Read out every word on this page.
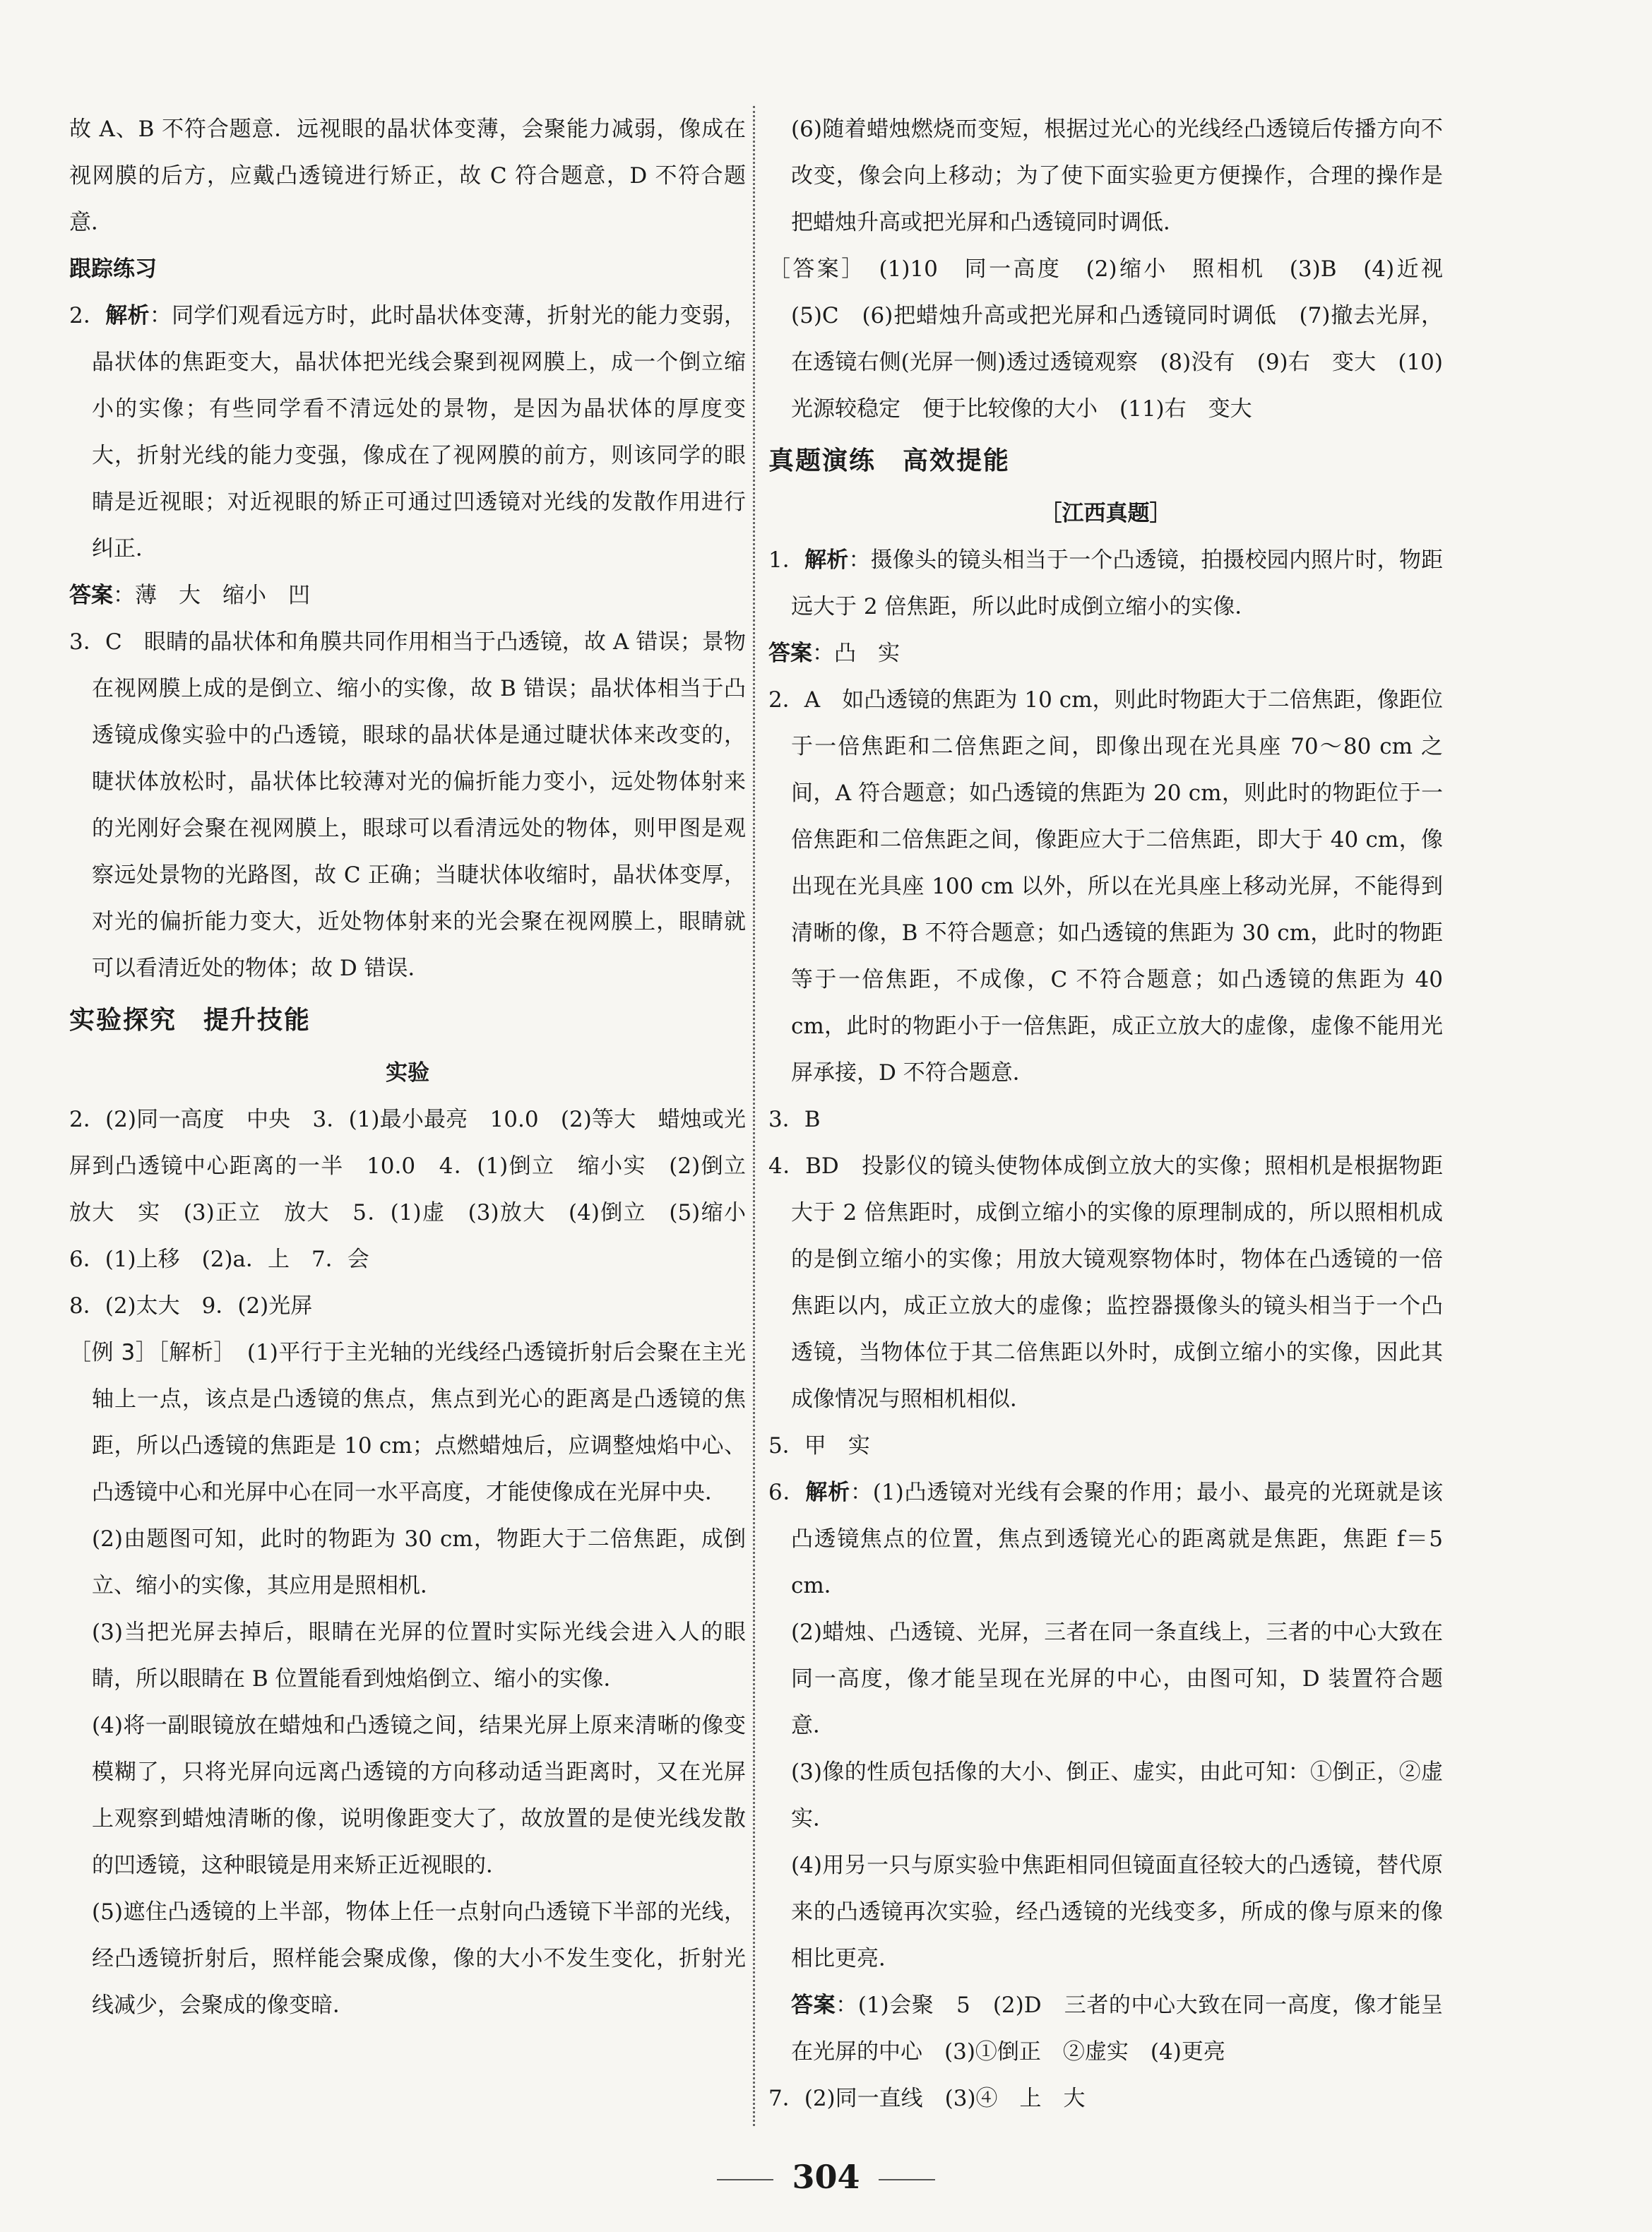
故 A、B 不符合题意．远视眼的晶状体变薄，会聚能力减弱，像成在视网膜的后方，应戴凸透镜进行矫正，故 C 符合题意，D 不符合题意．

跟踪练习

2．解析：同学们观看远方时，此时晶状体变薄，折射光的能力变弱，晶状体的焦距变大，晶状体把光线会聚到视网膜上，成一个倒立缩小的实像；有些同学看不清远处的景物，是因为晶状体的厚度变大，折射光线的能力变强，像成在了视网膜的前方，则该同学的眼睛是近视眼；对近视眼的矫正可通过凹透镜对光线的发散作用进行纠正．

答案：薄　大　缩小　凹

3．C　眼睛的晶状体和角膜共同作用相当于凸透镜，故 A 错误；景物在视网膜上成的是倒立、缩小的实像，故 B 错误；晶状体相当于凸透镜成像实验中的凸透镜，眼球的晶状体是通过睫状体来改变的，睫状体放松时，晶状体比较薄对光的偏折能力变小，远处物体射来的光刚好会聚在视网膜上，眼球可以看清远处的物体，则甲图是观察远处景物的光路图，故 C 正确；当睫状体收缩时，晶状体变厚，对光的偏折能力变大，近处物体射来的光会聚在视网膜上，眼睛就可以看清近处的物体；故 D 错误．

实验探究　提升技能

实验

2．(2)同一高度　中央　3．(1)最小最亮　10.0　(2)等大　蜡烛或光屏到凸透镜中心距离的一半　10.0　4．(1)倒立　缩小实　(2)倒立　放大　实　(3)正立　放大　5．(1)虚　(3)放大　(4)倒立　(5)缩小　6．(1)上移　(2)a．上　7．会

8．(2)太大　9．(2)光屏

［例 3］［解析］　(1)平行于主光轴的光线经凸透镜折射后会聚在主光轴上一点，该点是凸透镜的焦点，焦点到光心的距离是凸透镜的焦距，所以凸透镜的焦距是 10 cm；点燃蜡烛后，应调整烛焰中心、凸透镜中心和光屏中心在同一水平高度，才能使像成在光屏中央．

(2)由题图可知，此时的物距为 30 cm，物距大于二倍焦距，成倒立、缩小的实像，其应用是照相机．

(3)当把光屏去掉后，眼睛在光屏的位置时实际光线会进入人的眼睛，所以眼睛在 B 位置能看到烛焰倒立、缩小的实像．

(4)将一副眼镜放在蜡烛和凸透镜之间，结果光屏上原来清晰的像变模糊了，只将光屏向远离凸透镜的方向移动适当距离时，又在光屏上观察到蜡烛清晰的像，说明像距变大了，故放置的是使光线发散的凹透镜，这种眼镜是用来矫正近视眼的．

(5)遮住凸透镜的上半部，物体上任一点射向凸透镜下半部的光线，经凸透镜折射后，照样能会聚成像，像的大小不发生变化，折射光线减少，会聚成的像变暗．

(6)随着蜡烛燃烧而变短，根据过光心的光线经凸透镜后传播方向不改变，像会向上移动；为了使下面实验更方便操作，合理的操作是把蜡烛升高或把光屏和凸透镜同时调低．

［答案］　(1)10　同一高度　(2)缩小　照相机　(3)B　(4)近视　(5)C　(6)把蜡烛升高或把光屏和凸透镜同时调低　(7)撤去光屏，在透镜右侧(光屏一侧)透过透镜观察　(8)没有　(9)右　变大　(10)光源较稳定　便于比较像的大小　(11)右　变大

真题演练　高效提能

［江西真题］

1．解析：摄像头的镜头相当于一个凸透镜，拍摄校园内照片时，物距远大于 2 倍焦距，所以此时成倒立缩小的实像．

答案：凸　实

2．A　如凸透镜的焦距为 10 cm，则此时物距大于二倍焦距，像距位于一倍焦距和二倍焦距之间，即像出现在光具座 70～80 cm 之间，A 符合题意；如凸透镜的焦距为 20 cm，则此时的物距位于一倍焦距和二倍焦距之间，像距应大于二倍焦距，即大于 40 cm，像出现在光具座 100 cm 以外，所以在光具座上移动光屏，不能得到清晰的像，B 不符合题意；如凸透镜的焦距为 30 cm，此时的物距等于一倍焦距，不成像，C 不符合题意；如凸透镜的焦距为 40 cm，此时的物距小于一倍焦距，成正立放大的虚像，虚像不能用光屏承接，D 不符合题意．

3．B

4．BD　投影仪的镜头使物体成倒立放大的实像；照相机是根据物距大于 2 倍焦距时，成倒立缩小的实像的原理制成的，所以照相机成的是倒立缩小的实像；用放大镜观察物体时，物体在凸透镜的一倍焦距以内，成正立放大的虚像；监控器摄像头的镜头相当于一个凸透镜，当物体位于其二倍焦距以外时，成倒立缩小的实像，因此其成像情况与照相机相似．

5．甲　实

6．解析：(1)凸透镜对光线有会聚的作用；最小、最亮的光斑就是该凸透镜焦点的位置，焦点到透镜光心的距离就是焦距，焦距 f＝5 cm．

(2)蜡烛、凸透镜、光屏，三者在同一条直线上，三者的中心大致在同一高度，像才能呈现在光屏的中心，由图可知，D 装置符合题意．

(3)像的性质包括像的大小、倒正、虚实，由此可知：①倒正，②虚实．

(4)用另一只与原实验中焦距相同但镜面直径较大的凸透镜，替代原来的凸透镜再次实验，经凸透镜的光线变多，所成的像与原来的像相比更亮．

答案：(1)会聚　5　(2)D　三者的中心大致在同一高度，像才能呈在光屏的中心　(3)①倒正　②虚实　(4)更亮

7．(2)同一直线　(3)④　上　大

304
